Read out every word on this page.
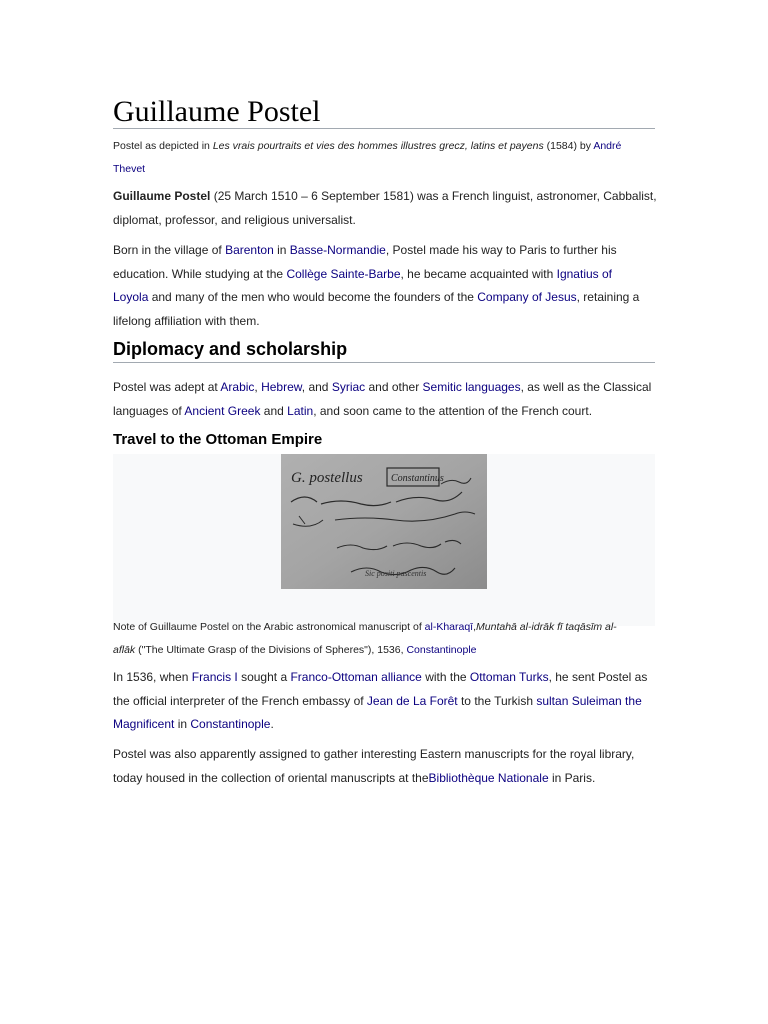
Guillaume Postel
Postel as depicted in Les vrais pourtraits et vies des hommes illustres grecz, latins et payens (1584) by André
Thevet
Guillaume Postel (25 March 1510 – 6 September 1581) was a French linguist, astronomer, Cabbalist,
diplomat, professor, and religious universalist.
Born in the village of Barenton in Basse-Normandie, Postel made his way to Paris to further his
education. While studying at the Collège Sainte-Barbe, he became acquainted with Ignatius of
Loyola and many of the men who would become the founders of the Company of Jesus, retaining a
lifelong affiliation with them.
Diplomacy and scholarship
Postel was adept at Arabic, Hebrew, and Syriac and other Semitic languages, as well as the Classical
languages of Ancient Greek and Latin, and soon came to the attention of the French court.
Travel to the Ottoman Empire
G. postellus	Constantinus
Sic positi pascentis
Note of Guillaume Postel on the Arabic astronomical manuscript of al-Kharaqī,Muntahā al-idrāk fī taqāsīm al-
aflāk ("The Ultimate Grasp of the Divisions of Spheres"), 1536, Constantinople
In 1536, when Francis I sought a Franco-Ottoman alliance with the Ottoman Turks, he sent Postel as
the official interpreter of the French embassy of Jean de La Forêt to the Turkish sultan Suleiman the
Magnificent in Constantinople.
Postel was also apparently assigned to gather interesting Eastern manuscripts for the royal library,
today housed in the collection of oriental manuscripts at theBibliothèque Nationale in Paris.
